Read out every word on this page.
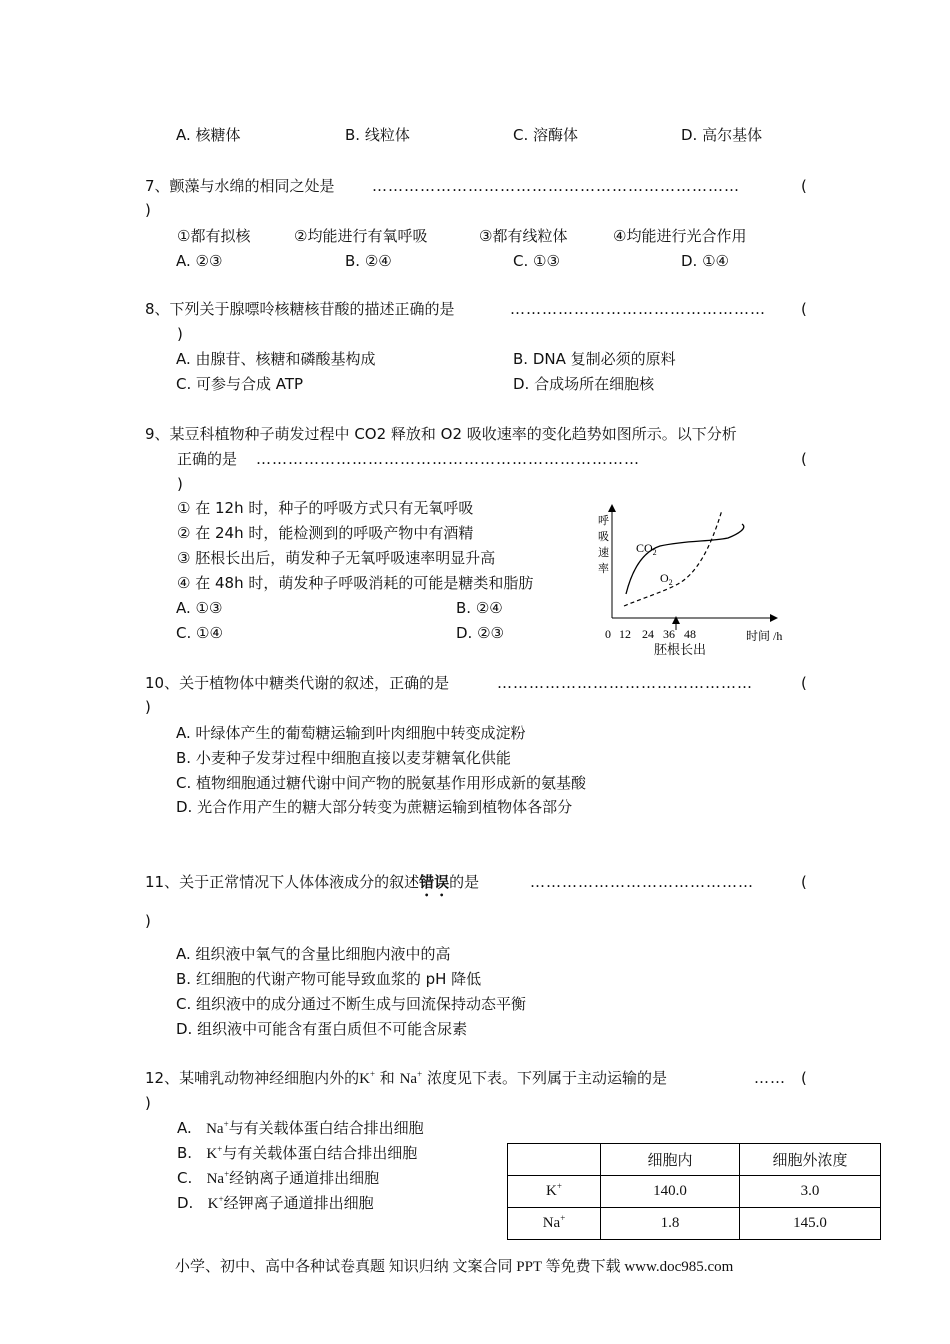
A. 核糖体	B. 线粒体	C. 溶酶体	D. 高尔基体
7、颤藻与水绵的相同之处是 ……………………………………………………………	(
)
①都有拟核	②均能进行有氧呼吸	③都有线粒体	④均能进行光合作用
A. ②③	B. ②④	C. ①③	D. ①④
8、下列关于腺嘌呤核糖核苷酸的描述正确的是	………………………………………… (
)
A. 由腺苷、核糖和磷酸基构成	B. DNA 复制必须的原料
C. 可参与合成 ATP	D. 合成场所在细胞核
9、某豆科植物种子萌发过程中 CO2 释放和 O2 吸收速率的变化趋势如图所示。以下分析
正确的是 ………………………………………………………………	(
)
① 在 12h 时，种子的呼吸方式只有无氧呼吸
② 在 24h 时，能检测到的呼吸产物中有酒精
③ 胚根长出后，萌发种子无氧呼吸速率明显升高
④ 在 48h 时，萌发种子呼吸消耗的可能是糖类和脂肪
A. ①③	B. ②④
C. ①④	D. ②③
呼
吸
速
率
$CO_2$
$O_2$
0 12 24 36 48	时间 /h
胚根长出
10、关于植物体中糖类代谢的叙述，正确的是	…………………………………………	(
)
A. 叶绿体产生的葡萄糖运输到叶肉细胞中转变成淀粉
B. 小麦种子发芽过程中细胞直接以麦芽糖氧化供能
C. 植物细胞通过糖代谢中间产物的脱氨基作用形成新的氨基酸
D. 光合作用产生的糖大部分转变为蔗糖运输到植物体各部分
11、关于正常情况下人体体液成分的叙述错误的是	……………………………………	(
)
A. 组织液中氧气的含量比细胞内液中的高
B. 红细胞的代谢产物可能导致血浆的 pH 降低
C. 组织液中的成分通过不断生成与回流保持动态平衡
D. 组织液中可能含有蛋白质但不可能含尿素
12、某哺乳动物神经细胞内外的K+ 和 Na+ 浓度见下表。下列属于主动运输的是	…… (
)
A. Na+与有关载体蛋白结合排出细胞
B. K+与有关载体蛋白结合排出细胞
C. Na+经钠离子通道排出细胞
D. K+经钾离子通道排出细胞
	细胞内	细胞外浓度
K+	140.0	3.0
Na+	1.8	145.0
小学、初中、高中各种试卷真题 知识归纳 文案合同 PPT 等免费下载 www.doc985.com
